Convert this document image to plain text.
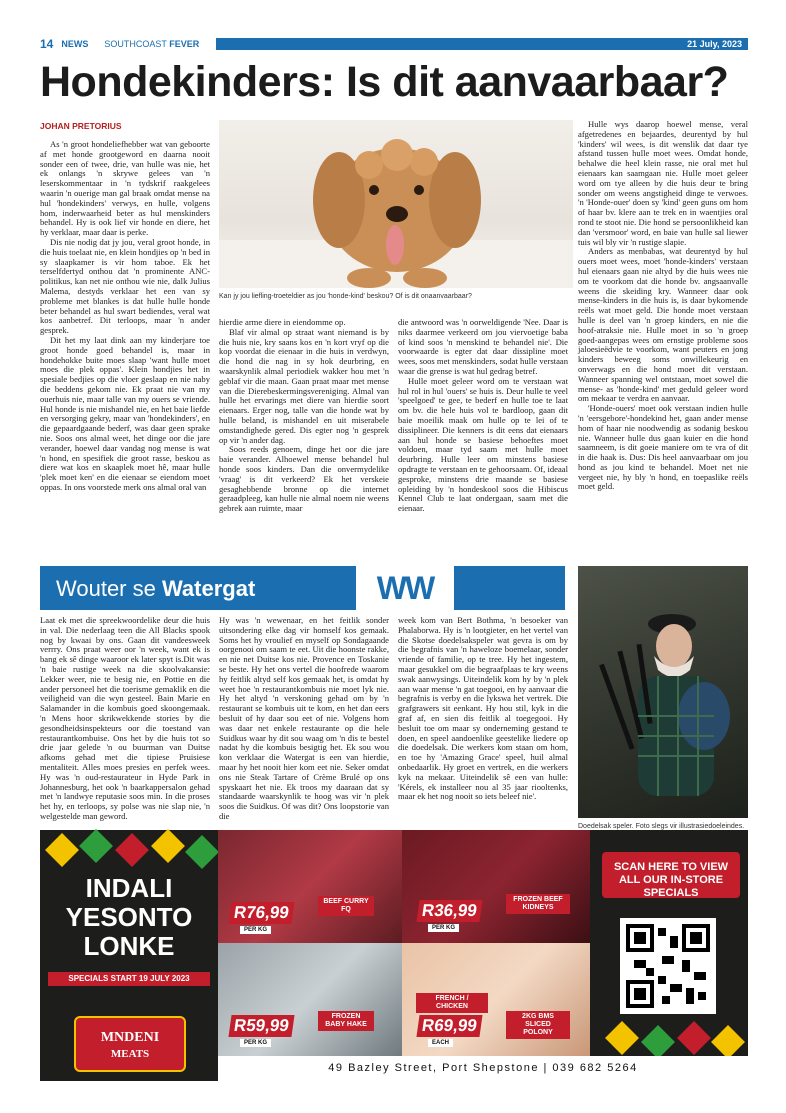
14 NEWS SOUTHCOAST FEVER	21 July, 2023
Hondekinders: Is dit aanvaarbaar?
JOHAN PRETORIUS

As 'n groot hondeliefhebber wat van geboorte af met honde grootgeword en daarna nooit sonder een of twee, drie, van hulle was nie, het ek onlangs 'n skrywe gelees van 'n leserskommentaar in 'n tydskrif raakgelees waarin 'n ouerige man gal braak omdat mense na hul 'hondekinders' verwys, en hulle, volgens hom, inderwaarheid beter as hul menskinders behandel. Hy is ook lief vir honde en diere, het hy verklaar, maar daar is perke.

Dis nie nodig dat jy jou, veral groot honde, in die huis toelaat nie, en klein hondjies op 'n bed in sy slaapkamer is vir hom taboe. Ek het terselfdertyd onthou dat 'n prominente ANC-politikus, kan net nie onthou wie nie, dalk Julius Malema, destyds verklaar het een van sy probleme met blankes is dat hulle hulle honde beter behandel as hul swart bediendes, veral wat kos aanbetref. Dit terloops, maar 'n ander gesprek.

Dit het my laat dink aan my kinderjare toe groot honde goed behandel is, maar in hondehokke buite moes slaap 'want hulle moet moes die plek oppas'. Klein hondjies het in spesiale bedjies op die vloer geslaap en nie naby die beddens gekom nie. Ek praat nie van my ouerhuis nie, maar talle van my ouers se vriende. Hul honde is nie mishandel nie, en het baie liefde en versorging gekry, maar van 'hondekinders', en die gepaardgaande bederf, was daar geen sprake nie. Soos ons almal weet, het dinge oor die jare verander, hoewel daar vandag nog mense is wat 'n hond, en spesifiek die groot rasse, beskou as diere wat kos en skaaplek moet hê, maar hulle 'plek moet ken' en die eienaar se eiendom moet oppas. In ons voorstede merk ons almal oral van

Kan jy jou liefling-troeteldier as jou 'honde-kind' beskou? Of is dit onaanvaarbaar?

hierdie arme diere in eiendomme op.

Blaf vir almal op straat want niemand is by die huis nie, kry saans kos en 'n kort vryf op die kop voordat die eienaar in die huis in verdwyn, die hond die nag in sy hok deurbring, en waarskynlik almal periodiek wakker hou met 'n geblaf vir die maan. Gaan praat maar met mense van die Dierebeskermingsvereniging. Almal van hulle het ervarings met diere van hierdie soort eienaars. Erger nog, talle van die honde wat by hulle beland, is mishandel en uit miserabele omstandighede gered. Dis egter nog 'n gesprek op vir 'n ander dag.

Soos reeds genoem, dinge het oor die jare baie verander. Alhoewel mense behandel hul honde soos kinders. Dan die onvermydelike 'vraag' is dit verkeerd? Ek het verskeie gesaghebbende bronne op die internet geraadpleeg, kan hulle nie almal noem nie weens gebrek aan ruimte, maar

die antwoord was 'n oorweldigende 'Nee. Daar is niks daarmee verkeerd om jou viervoetige baba of kind soos 'n menskind te behandel nie'. Die voorwaarde is egter dat daar dissipline moet wees, soos met menskinders, sodat hulle verstaan waar die grense is wat hul gedrag betref.

Hulle moet geleer word om te verstaan wat hul rol in hul 'ouers' se huis is. Deur hulle te veel 'speelgoed' te gee, te bederf en hulle toe te laat om bv. die hele huis vol te bardloop, gaan dit baie moeilik maak om hulle op te lei of te dissiplineer. Die kenners is dit eens dat eienaars aan hul honde se basiese behoeftes moet voldoen, maar tyd saam met hulle moet deurbring. Hulle leer om minstens basiese opdragte te verstaan en te gehoorsaam. Of, ideaal gesproke, minstens drie maande se basiese opleiding by 'n hondeskool soos die Hibiscus Kennel Club te laat ondergaan, saam met die eienaar.

Hulle wys daarop hoewel mense, veral afgetredenes en bejaardes, deurentyd by hul 'kinders' wil wees, is dit wenslik dat daar tye afstand tussen hulle moet wees. Omdat honde, behalwe die heel klein rasse, nie oral met hul eienaars kan saamgaan nie. Hulle moet geleer word om tye alleen by die huis deur te bring sonder om weens angstigheid dinge te verwoes. 'n 'Honde-ouer' doen sy 'kind' geen guns om hom of haar bv. klere aan te trek en in waentjies oral rond te stoot nie. Die hond se persoonlikheid kan dan 'versmoor' word, en baie van hulle sal liewer tuis wil bly vir 'n rustige slapie.

Anders as menbabas, wat deurentyd by hul ouers moet wees, moet 'honde-kinders' verstaan hul eienaars gaan nie altyd by die huis wees nie om te voorkom dat die honde bv. angsaanvalle weens die skeiding kry. Wanneer daar ook mense-kinders in die huis is, is daar bykomende reëls wat moet geld. Die honde moet verstaan hulle is deel van 'n groep kinders, en nie die hoof-atraksie nie. Hulle moet in so 'n groep goed-aangepas wees om ernstige probleme soos jaloesieëdvie te voorkom, want peuters en jong kinders beweeg soms onwillekeurig en onverwags en die hond moet dit verstaan. Wanneer spanning wel ontstaan, moet sowel die mense- as 'honde-kind' met geduld geleer word om mekaar te verdra en aanvaar.

'Honde-ouers' moet ook verstaan indien hulle 'n 'eersgebore'-hondekind het, gaan ander mense hom of haar nie noodwendig as sodanig beskou nie. Wanneer hulle dus gaan kuier en die hond saamneem, is dit goeie maniere om te vra of dit in die haak is. Dus: Dis heel aanvaarbaar om jou hond as jou kind te behandel. Moet net nie vergeet nie, hy bly 'n hond, en toepaslike reëls moet geld.

Wouter se Watergat	WW

Laat ek met die spreekwoordelike deur die huis in val. Die nederlaag teen die All Blacks spook nog by kwaai by ons. Gaan dit vandeesweek verrry. Ons praat weer oor 'n week, want ek is bang ek sê dinge waaroor ek later spyt is.Dit was 'n baie rustige week na die skoolvakansie: Lekker weer, nie te besig nie, en Pottie en die ander personeel het die toerisme gemaklik en die veiligheid van die wyn gesteel. Bain Marie en Salamander in die kombuis goed skoongemaak. 'n Mens hoor skrikwekkende stories by die gesondheidsinspekteurs oor die toestand van restaurantkombuise. Ons het by die huis tot so drie jaar gelede 'n ou buurman van Duitse afkoms gehad met die tipiese Pruisiese mentaliteit. Alles moes presies en perfek wees. Hy was 'n oud-restaurateur in Hyde Park in Johannesburg, het ook 'n baarkappersalon gehad met 'n landwye reputasie soos min. In die proses het hy, en terloops, sy polse was nie slap nie, 'n welgestelde man geword.

Hy was 'n wewenaar, en het feitlik sonder uitsondering elke dag vir homself kos gemaak. Soms het hy vroulief en myself op Sondagaande oorgenooi om saam te eet. Uit die hoonste rakke, en nie net Duitse kos nie. Provence en Toskanie se beste. Hy het ons vertel die hoofrede waarom hy feitlik altyd self kos gemaak het, is omdat hy weet hoe 'n restaurantkombuis nie moet lyk nie. Hy het altyd 'n verskoning gehad om by 'n restaurant se kombuis uit te kom, en het dan eers besluit of hy daar sou eet of nie. Volgens hom was daar net enkele restaurante op die hele Suidkus waar hy dit sou waag om 'n dis te bestel nadat hy die kombuis besigtig het. Ek sou wou kon verklaar die Watergat is een van hierdie, maar hy het nooit hier kom eet nie. Seker omdat ons nie Steak Tartare of Crème Brulé op ons spyskaart het nie. Ek troos my daaraan dat sy standaarde waarskynlik te hoog was vir 'n plek soos die Suidkus. Of was dit? Ons loopstorie van die

week kom van Bert Bothma, 'n besoeker van Phalaborwa. Hy is 'n lootgieter, en het vertel van die Skotse doedelsakspeler wat gevra is om by die begrafnis van 'n haweloze boemelaar, sonder vriende of familie, op te tree. Hy het ingestem, maar gesukkel om die begraafplaas te kry weens swak aanwysings. Uiteindelik kom hy by 'n plek aan waar mense 'n gat toegooi, en hy aanvaar die begrafnis is verby en die lykswa het vertrek. Die grafgrawers sit eenkant. Hy hou stil, kyk in die graf af, en sien dis feitlik al toegegooi. Hy besluit toe om maar sy onderneming gestand te doen, en speel aandoenlike geestelike liedere op die doedelsak. Die werkers kom staan om hom, en toe hy 'Amazing Grace' speel, huil almal onbedaarlik. Hy groet en vertrek, en die werkers kyk na mekaar. Uiteindelik sê een van hulle: 'Kérels, ek installeer nou al 35 jaar riooltenks, maar ek het nog nooit so iets beleef nie'.

Doedelsak speler. Foto slegs vir illustrasiedoeleindes.
INDALI
YESONTO
LONKE
SPECIALS START 19 JULY 2023
MNDENI
MEATS
R76,99
PER KG
BEEF CURRY FQ	R36,99
PER KG
FROZEN BEEF KIDNEYS
R59,99
PER KG
FROZEN BABY HAKE
FRENCH / CHICKEN
R69,99
EACH
2KG BMS SLICED POLONY
SCAN HERE TO VIEW ALL OUR IN-STORE SPECIALS
49 Bazley Street, Port Shepstone | 039 682 5264
